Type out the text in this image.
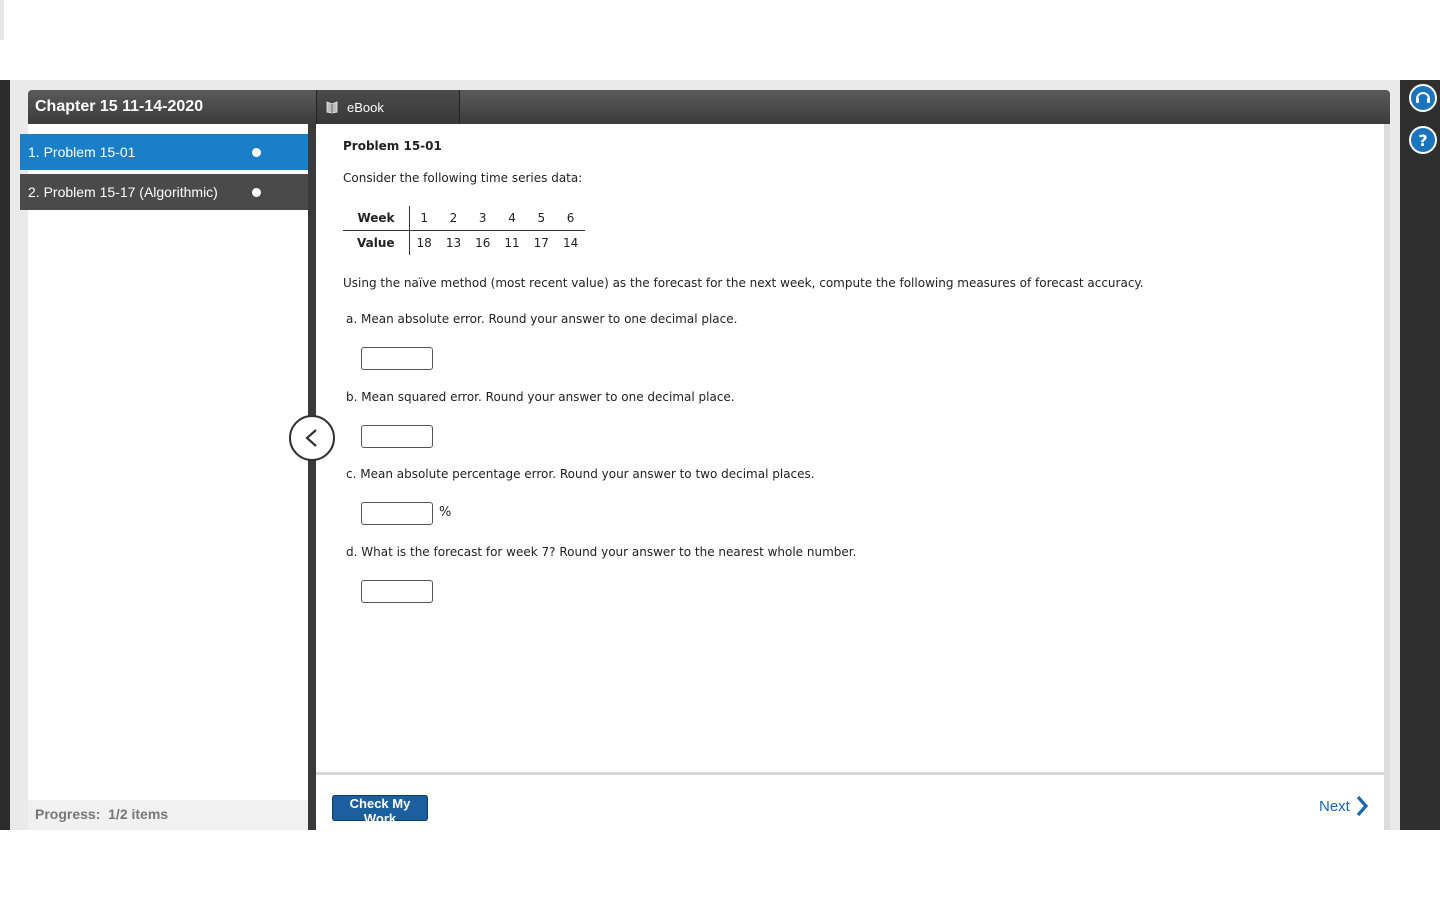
?
Chapter 15 11-14-2020	eBook
1. Problem 15-01
2. Problem 15-17 (Algorithmic)
Progress: 1/2 items
Problem 15-01
Consider the following time series data:
Week	1	2	3	4	5	6
Value	18	13	16	11	17	14
Using the naïve method (most recent value) as the forecast for the next week, compute the following measures of forecast accuracy.
a. Mean absolute error. Round your answer to one decimal place.
b. Mean squared error. Round your answer to one decimal place.
c. Mean absolute percentage error. Round your answer to two decimal places.
%
d. What is the forecast for week 7? Round your answer to the nearest whole number.
Check My Work
Next
